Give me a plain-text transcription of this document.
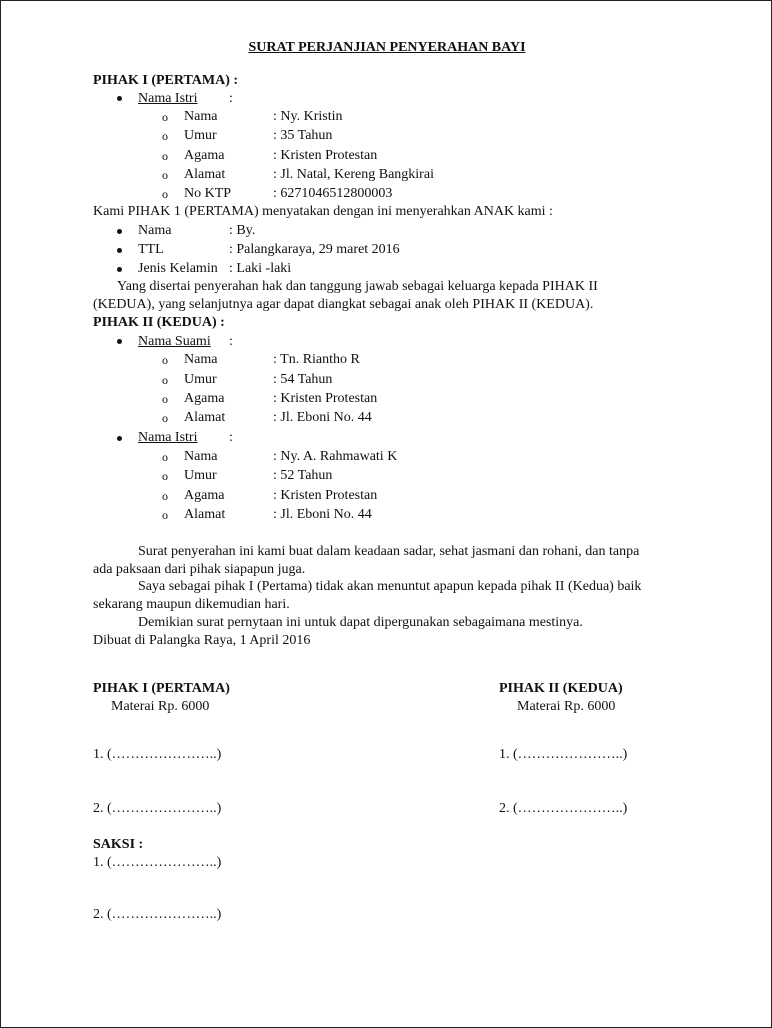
SURAT PERJANJIAN PENYERAHAN BAYI
PIHAK I (PERTAMA) :
Nama Istri :
o Nama	: Ny. Kristin
o Umur	: 35 Tahun
o Agama	: Kristen Protestan
o Alamat	: Jl. Natal, Kereng Bangkirai
o No KTP	: 6271046512800003
Kami PIHAK 1 (PERTAMA) menyatakan dengan ini menyerahkan ANAK kami :
Nama	: By.
TTL	: Palangkaraya, 29 maret 2016
Jenis Kelamin : Laki -laki
Yang disertai penyerahan hak dan tanggung jawab sebagai keluarga kepada PIHAK II
(KEDUA), yang selanjutnya agar dapat diangkat sebagai anak oleh PIHAK II (KEDUA).
PIHAK II (KEDUA) :
Nama Suami :
o Nama	: Tn. Riantho R
o Umur	: 54 Tahun
o Agama	: Kristen Protestan
o Alamat	: Jl. Eboni No. 44
Nama Istri :
o Nama	: Ny. A. Rahmawati K
o Umur	: 52 Tahun
o Agama	: Kristen Protestan
o Alamat	: Jl. Eboni No. 44
Surat penyerahan ini kami buat dalam keadaan sadar, sehat jasmani dan rohani, dan tanpa
ada paksaan dari pihak siapapun juga.
Saya sebagai pihak I (Pertama) tidak akan menuntut apapun kepada pihak II (Kedua) baik
sekarang maupun dikemudian hari.
Demikian surat pernytaan ini untuk dapat dipergunakan sebagaimana mestinya.
Dibuat di Palangka Raya, 1 April 2016
PIHAK I (PERTAMA)
Materai Rp. 6000
PIHAK II (KEDUA)
Materai Rp. 6000
1. (…………………..)	1. (…………………..)
2. (…………………..)	2. (…………………..)
SAKSI :
1. (…………………..)
2. (…………………..)
